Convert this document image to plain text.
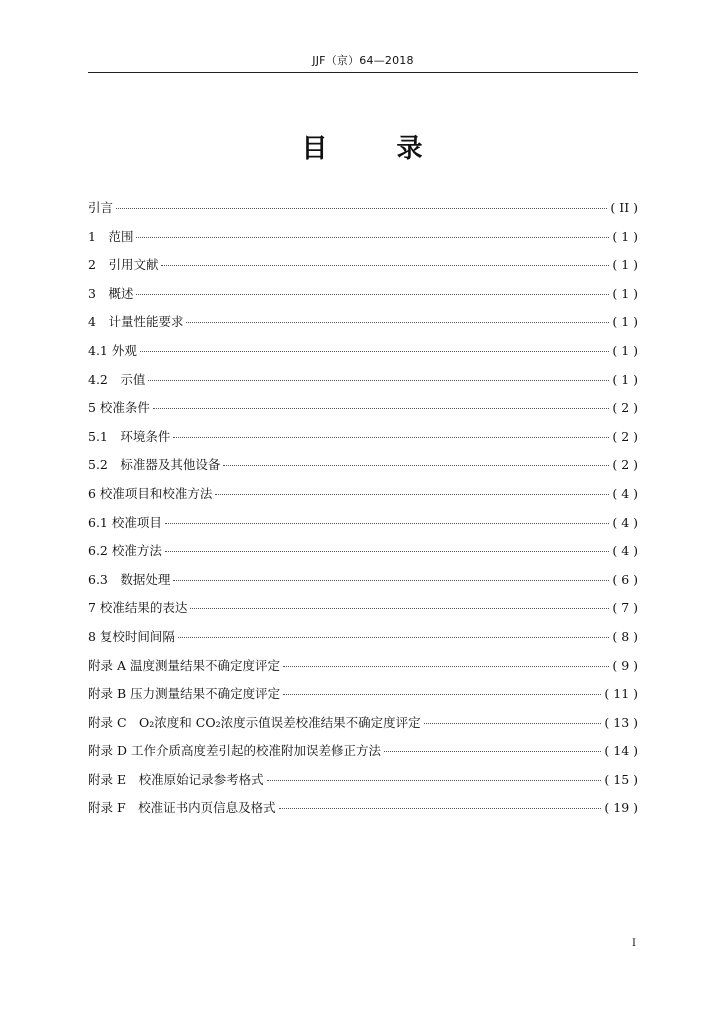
JJF（京）64—2018
目 录
引言	( II )
1　范围	( 1 )
2　引用文献	( 1 )
3　概述	( 1 )
4　计量性能要求	( 1 )
4.1 外观	( 1 )
4.2　示值	( 1 )
5 校准条件	( 2 )
5.1　环境条件	( 2 )
5.2　标准器及其他设备	( 2 )
6 校准项目和校准方法	( 4 )
6.1 校准项目	( 4 )
6.2 校准方法	( 4 )
6.3　数据处理	( 6 )
7 校准结果的表达	( 7 )
8 复校时间间隔	( 8 )
附录 A 温度测量结果不确定度评定	( 9 )
附录 B 压力测量结果不确定度评定	( 11 )
附录 C　O₂浓度和 CO₂浓度示值误差校准结果不确定度评定	( 13 )
附录 D 工作介质高度差引起的校准附加误差修正方法	( 14 )
附录 E　校准原始记录参考格式	( 15 )
附录 F　校准证书内页信息及格式	( 19 )
I
